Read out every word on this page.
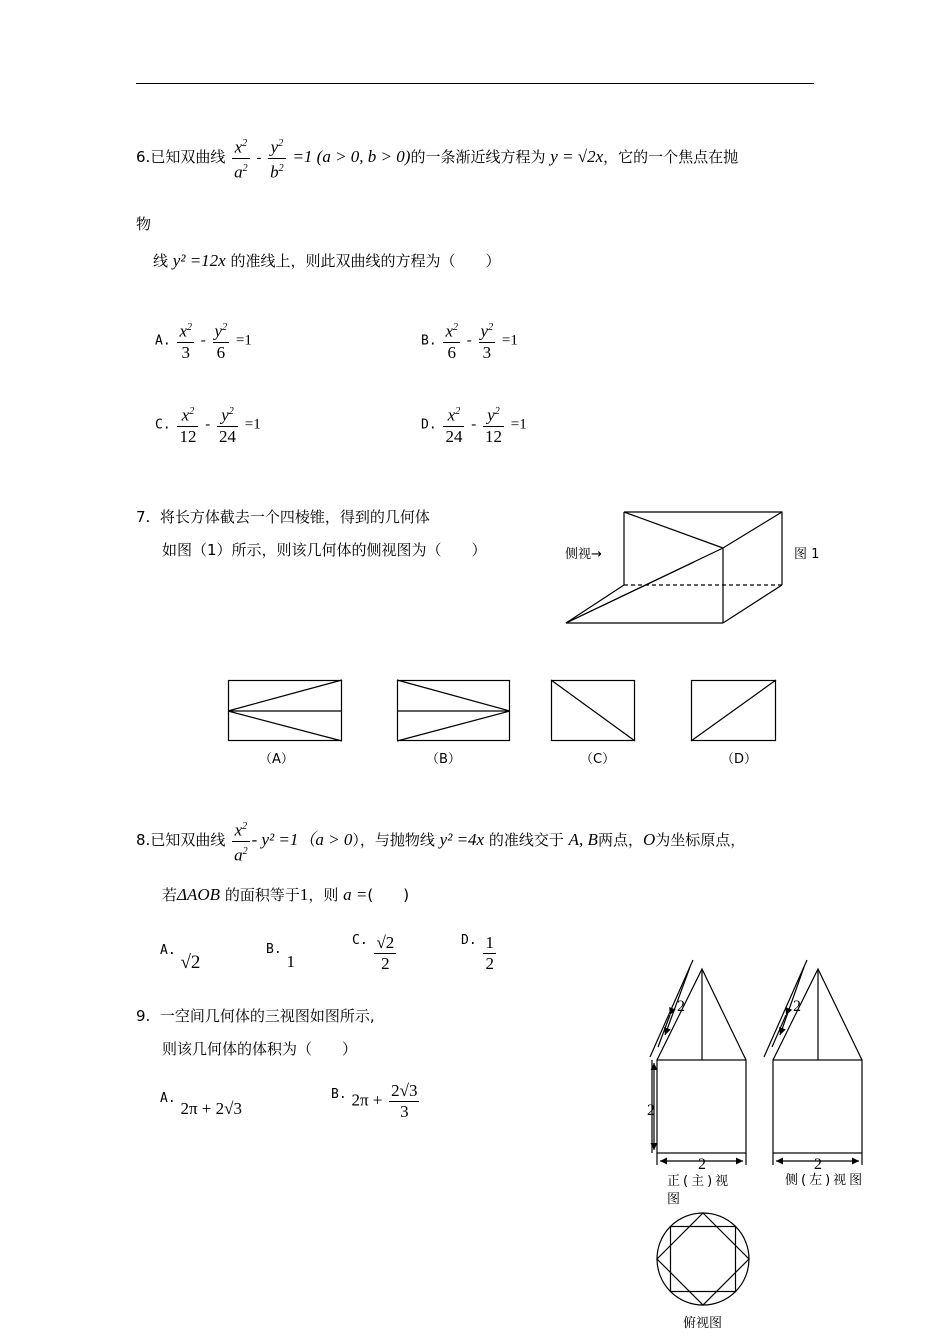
6.已知双曲线 $\frac{x^2}{a^2} - \frac{y^2}{b^2} =1$ (a > 0, b > 0)的一条渐近线方程为 y = √2x，它的一个焦点在抛
物
线 y² =12x 的准线上，则此双曲线的方程为（　　）
A. $\frac{x^2}{3} - \frac{y^2}{6} =1$	B. $\frac{x^2}{6} - \frac{y^2}{3} =1$
C. $\frac{x^2}{12} - \frac{y^2}{24} =1$	D. $\frac{x^2}{24} - \frac{y^2}{12} =1$
7. 将长方体截去一个四棱锥，得到的几何体
如图（1）所示，则该几何体的侧视图为（　　）	侧视→	图 1
（A）	（B）	（C）	（D）
8.已知双曲线 $\frac{x^2}{a^2} - y^2 =1(a > 0)$，与抛物线 y² =4x 的准线交于 A, B两点，O为坐标原点，
若ΔAOB 的面积等于1，则 a =(　　)
A. √2
B. 1
C. $\frac{√2}{2}$	D. $\frac{1}{2}$
9. 一空间几何体的三视图如图所示,
则该几何体的体积为（　　）
A. 2π + 2√3
B. $2\pi + \frac{2√3}{3}$
2	2
2
2	2
正(主)视图
侧(左)视图
俯视图
